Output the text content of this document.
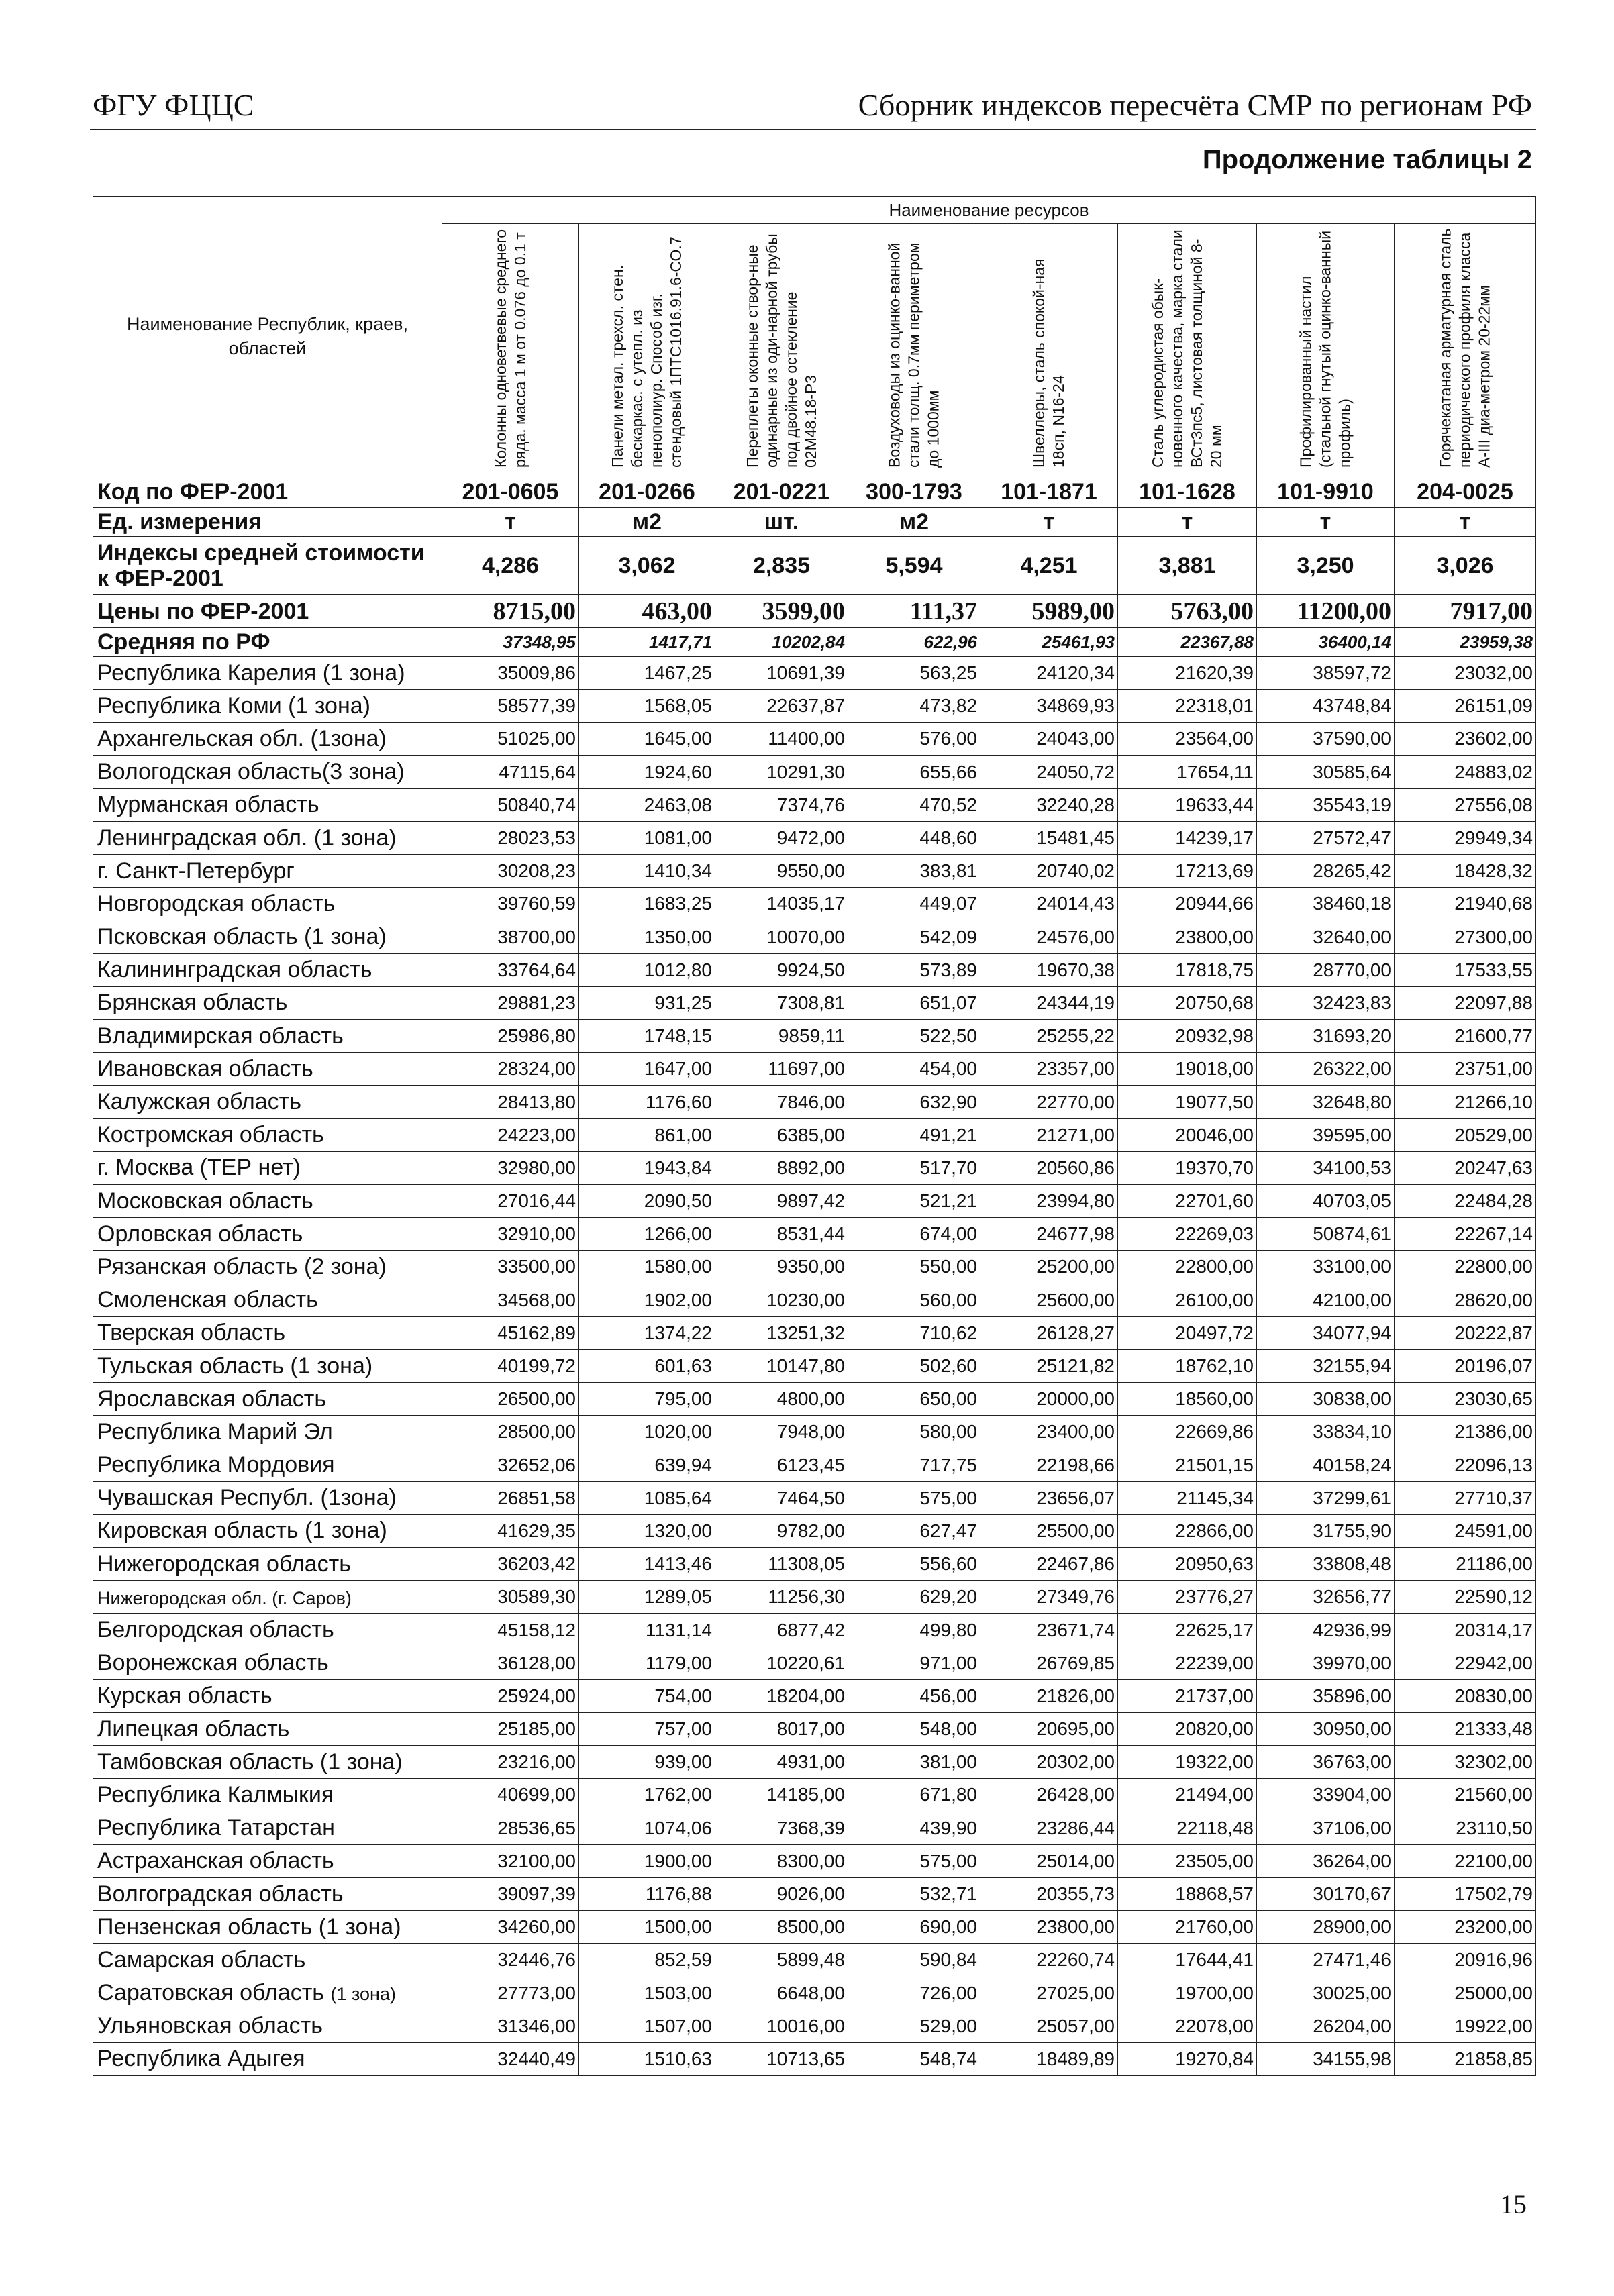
ФГУ ФЦЦС	Сборник индексов пересчёта СМР по регионам РФ
Продолжение таблицы 2
Наименование Республик, краев, областей	Наименование ресурсов							

	Колонны одноветвевые среднего ряда. масса 1 м от 0.076 до 0.1 т	Панели метал. трехсл. стен. бескаркас. с утепл. из пенополиур. Способ изг. стендовый 1ПТС1016.91.6-СО.7	Переплеты оконные створ-ные одинарные из оди-нарной трубы под двойное остекление 02М48.18-Р3	Воздуховоды из оцинко-ванной стали толщ. 0.7мм периметром до 1000мм	Швеллеры, сталь спокой-ная 18сп, N16-24	Сталь углеродистая обык-новенного качества, марка стали ВСт3пс5, листовая толщиной 8-20 мм	Профилированный настил (стальной гнутый оцинко-ванный профиль)	Горячекатаная арматурная сталь периодического профиля класса А-III диа-метром 20-22мм

Код по ФЕР-2001	201-0605	201-0266	201-0221	300-1793	101-1871	101-1628	101-9910	204-0025
Ед. измерения	т	м2	шт.	м2	т	т	т	т
Индексы средней стоимости к ФЕР-2001	4,286	3,062	2,835	5,594	4,251	3,881	3,250	3,026
Цены по ФЕР-2001	8715,00	463,00	3599,00	111,37	5989,00	5763,00	11200,00	7917,00
Средняя по РФ	37348,95	1417,71	10202,84	622,96	25461,93	22367,88	36400,14	23959,38
Республика Карелия (1 зона)	35009,86	1467,25	10691,39	563,25	24120,34	21620,39	38597,72	23032,00
Республика Коми (1 зона)	58577,39	1568,05	22637,87	473,82	34869,93	22318,01	43748,84	26151,09
Архангельская обл. (1зона)	51025,00	1645,00	11400,00	576,00	24043,00	23564,00	37590,00	23602,00
Вологодская область(3 зона)	47115,64	1924,60	10291,30	655,66	24050,72	17654,11	30585,64	24883,02
Мурманская область	50840,74	2463,08	7374,76	470,52	32240,28	19633,44	35543,19	27556,08
Ленинградская обл. (1 зона)	28023,53	1081,00	9472,00	448,60	15481,45	14239,17	27572,47	29949,34
г. Санкт-Петербург	30208,23	1410,34	9550,00	383,81	20740,02	17213,69	28265,42	18428,32
Новгородская область	39760,59	1683,25	14035,17	449,07	24014,43	20944,66	38460,18	21940,68
Псковская область (1 зона)	38700,00	1350,00	10070,00	542,09	24576,00	23800,00	32640,00	27300,00
Калининградская область	33764,64	1012,80	9924,50	573,89	19670,38	17818,75	28770,00	17533,55
Брянская область	29881,23	931,25	7308,81	651,07	24344,19	20750,68	32423,83	22097,88
Владимирская область	25986,80	1748,15	9859,11	522,50	25255,22	20932,98	31693,20	21600,77
Ивановская область	28324,00	1647,00	11697,00	454,00	23357,00	19018,00	26322,00	23751,00
Калужская область	28413,80	1176,60	7846,00	632,90	22770,00	19077,50	32648,80	21266,10
Костромская область	24223,00	861,00	6385,00	491,21	21271,00	20046,00	39595,00	20529,00
г. Москва (ТЕР нет)	32980,00	1943,84	8892,00	517,70	20560,86	19370,70	34100,53	20247,63
Московская область	27016,44	2090,50	9897,42	521,21	23994,80	22701,60	40703,05	22484,28
Орловская область	32910,00	1266,00	8531,44	674,00	24677,98	22269,03	50874,61	22267,14
Рязанская область (2 зона)	33500,00	1580,00	9350,00	550,00	25200,00	22800,00	33100,00	22800,00
Смоленская область	34568,00	1902,00	10230,00	560,00	25600,00	26100,00	42100,00	28620,00
Тверская область	45162,89	1374,22	13251,32	710,62	26128,27	20497,72	34077,94	20222,87
Тульская область (1 зона)	40199,72	601,63	10147,80	502,60	25121,82	18762,10	32155,94	20196,07
Ярославская область	26500,00	795,00	4800,00	650,00	20000,00	18560,00	30838,00	23030,65
Республика Марий Эл	28500,00	1020,00	7948,00	580,00	23400,00	22669,86	33834,10	21386,00
Республика Мордовия	32652,06	639,94	6123,45	717,75	22198,66	21501,15	40158,24	22096,13
Чувашская Республ. (1зона)	26851,58	1085,64	7464,50	575,00	23656,07	21145,34	37299,61	27710,37
Кировская область (1 зона)	41629,35	1320,00	9782,00	627,47	25500,00	22866,00	31755,90	24591,00
Нижегородская область	36203,42	1413,46	11308,05	556,60	22467,86	20950,63	33808,48	21186,00
Нижегородская обл. (г. Саров)	30589,30	1289,05	11256,30	629,20	27349,76	23776,27	32656,77	22590,12
Белгородская область	45158,12	1131,14	6877,42	499,80	23671,74	22625,17	42936,99	20314,17
Воронежская область	36128,00	1179,00	10220,61	971,00	26769,85	22239,00	39970,00	22942,00
Курская область	25924,00	754,00	18204,00	456,00	21826,00	21737,00	35896,00	20830,00
Липецкая область	25185,00	757,00	8017,00	548,00	20695,00	20820,00	30950,00	21333,48
Тамбовская область (1 зона)	23216,00	939,00	4931,00	381,00	20302,00	19322,00	36763,00	32302,00
Республика Калмыкия	40699,00	1762,00	14185,00	671,80	26428,00	21494,00	33904,00	21560,00
Республика Татарстан	28536,65	1074,06	7368,39	439,90	23286,44	22118,48	37106,00	23110,50
Астраханская область	32100,00	1900,00	8300,00	575,00	25014,00	23505,00	36264,00	22100,00
Волгоградская область	39097,39	1176,88	9026,00	532,71	20355,73	18868,57	30170,67	17502,79
Пензенская область (1 зона)	34260,00	1500,00	8500,00	690,00	23800,00	21760,00	28900,00	23200,00
Самарская область	32446,76	852,59	5899,48	590,84	22260,74	17644,41	27471,46	20916,96
Саратовская область (1 зона)	27773,00	1503,00	6648,00	726,00	27025,00	19700,00	30025,00	25000,00
Ульяновская область	31346,00	1507,00	10016,00	529,00	25057,00	22078,00	26204,00	19922,00
Республика Адыгея	32440,49	1510,63	10713,65	548,74	18489,89	19270,84	34155,98	21858,85
15
